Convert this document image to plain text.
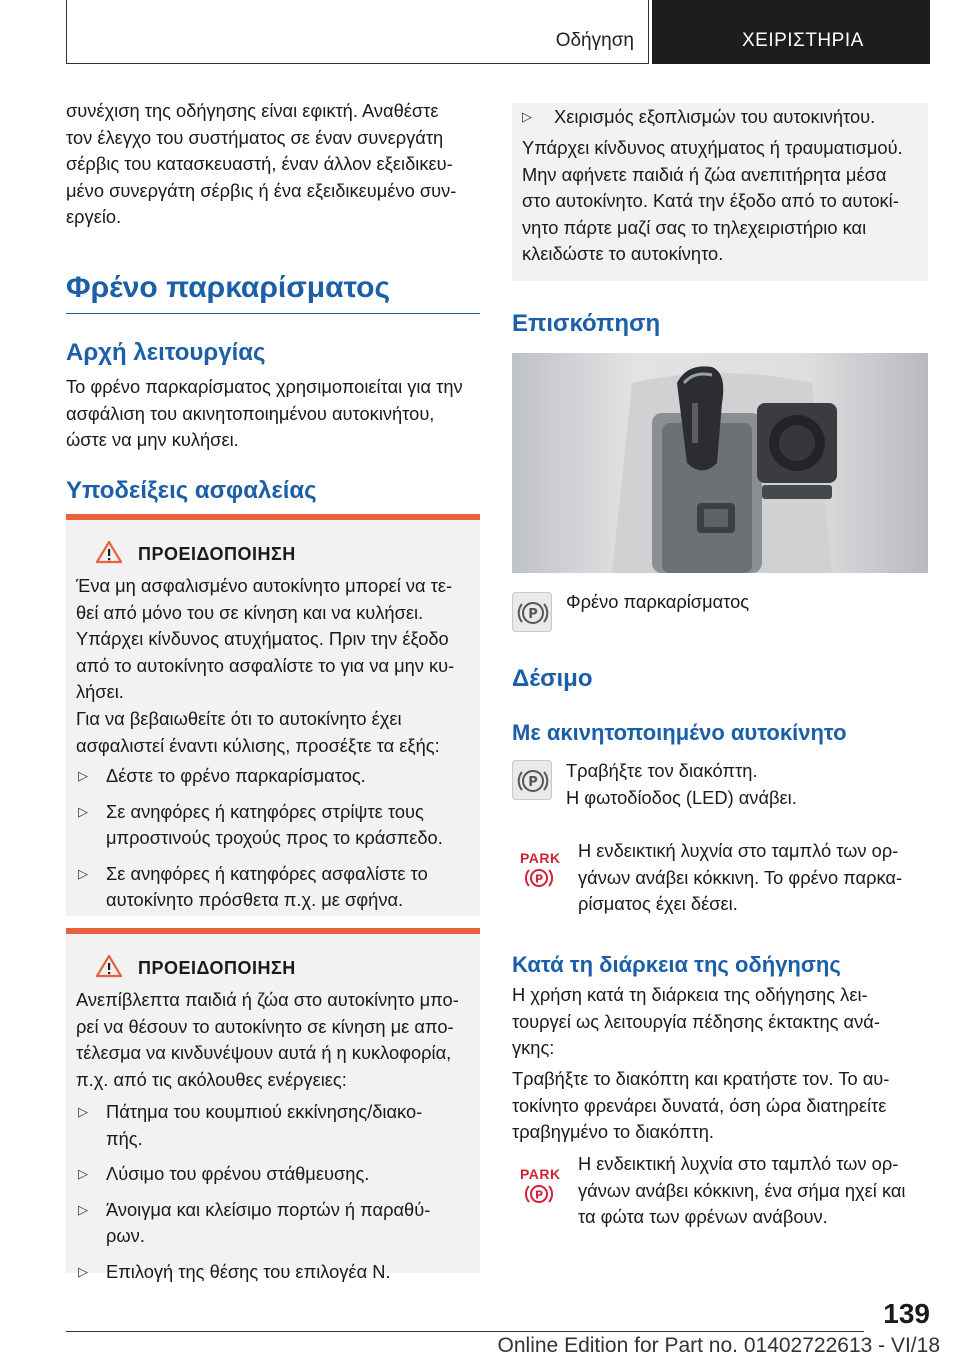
Οδήγηση	ΧΕΙΡΙΣΤΗΡΙΑ
συνέχιση της οδήγησης είναι εφικτή. Αναθέστε
τον έλεγχο του συστήματος σε έναν συνεργάτη
σέρβις του κατασκευαστή, έναν άλλον εξειδικευ‐
μένο συνεργάτη σέρβις ή ένα εξειδικευμένο συν‐
εργείο.
Φρένο παρκαρίσματος
Αρχή λειτουργίας
Το φρένο παρκαρίσματος χρησιμοποιείται για την
ασφάλιση του ακινητοποιημένου αυτοκινήτου,
ώστε να μην κυλήσει.
Υποδείξεις ασφαλείας
ΠΡΟΕΙΔΟΠΟΙΗΣΗ
Ένα μη ασφαλισμένο αυτοκίνητο μπορεί να τε‐
θεί από μόνο του σε κίνηση και να κυλήσει.
Υπάρχει κίνδυνος ατυχήματος. Πριν την έξοδο
από το αυτοκίνητο ασφαλίστε το για να μην κυ‐
λήσει.
Για να βεβαιωθείτε ότι το αυτοκίνητο έχει
ασφαλιστεί έναντι κύλισης, προσέξτε τα εξής:
▷ Δέστε το φρένο παρκαρίσματος.
▷ Σε ανηφόρες ή κατηφόρες στρίψτε τους
μπροστινούς τροχούς προς το κράσπεδο.
▷ Σε ανηφόρες ή κατηφόρες ασφαλίστε το
αυτοκίνητο πρόσθετα π.χ. με σφήνα.
ΠΡΟΕΙΔΟΠΟΙΗΣΗ
Ανεπίβλεπτα παιδιά ή ζώα στο αυτοκίνητο μπο‐
ρεί να θέσουν το αυτοκίνητο σε κίνηση με απο‐
τέλεσμα να κινδυνέψουν αυτά ή η κυκλοφορία,
π.χ. από τις ακόλουθες ενέργειες:
▷ Πάτημα του κουμπιού εκκίνησης/διακο‐
πής.
▷ Λύσιμο του φρένου στάθμευσης.
▷ Άνοιγμα και κλείσιμο πορτών ή παραθύ‐
ρων.
▷ Επιλογή της θέσης του επιλογέα N.
▷ Χειρισμός εξοπλισμών του αυτοκινήτου.
Υπάρχει κίνδυνος ατυχήματος ή τραυματισμού.
Μην αφήνετε παιδιά ή ζώα ανεπιτήρητα μέσα
στο αυτοκίνητο. Κατά την έξοδο από το αυτοκί‐
νητο πάρτε μαζί σας το τηλεχειριστήριο και
κλειδώστε το αυτοκίνητο.
Επισκόπηση
P
Φρένο παρκαρίσματος
Δέσιμο
Με ακινητοποιημένο αυτοκίνητο
P
Τραβήξτε τον διακόπτη.
Η φωτοδίοδος (LED) ανάβει.
PARK
P
Η ενδεικτική λυχνία στο ταμπλό των ορ‐
γάνων ανάβει κόκκινη. Το φρένο παρκα‐
ρίσματος έχει δέσει.
Κατά τη διάρκεια της οδήγησης
Η χρήση κατά τη διάρκεια της οδήγησης λει‐
τουργεί ως λειτουργία πέδησης έκτακτης ανά‐
γκης:
Τραβήξτε το διακόπτη και κρατήστε τον. Το αυ‐
τοκίνητο φρενάρει δυνατά, όση ώρα διατηρείτε
τραβηγμένο το διακόπτη.
PARK
P
Η ενδεικτική λυχνία στο ταμπλό των ορ‐
γάνων ανάβει κόκκινη, ένα σήμα ηχεί και
τα φώτα των φρένων ανάβουν.
139
Online Edition for Part no. 01402722613 - VI/18
